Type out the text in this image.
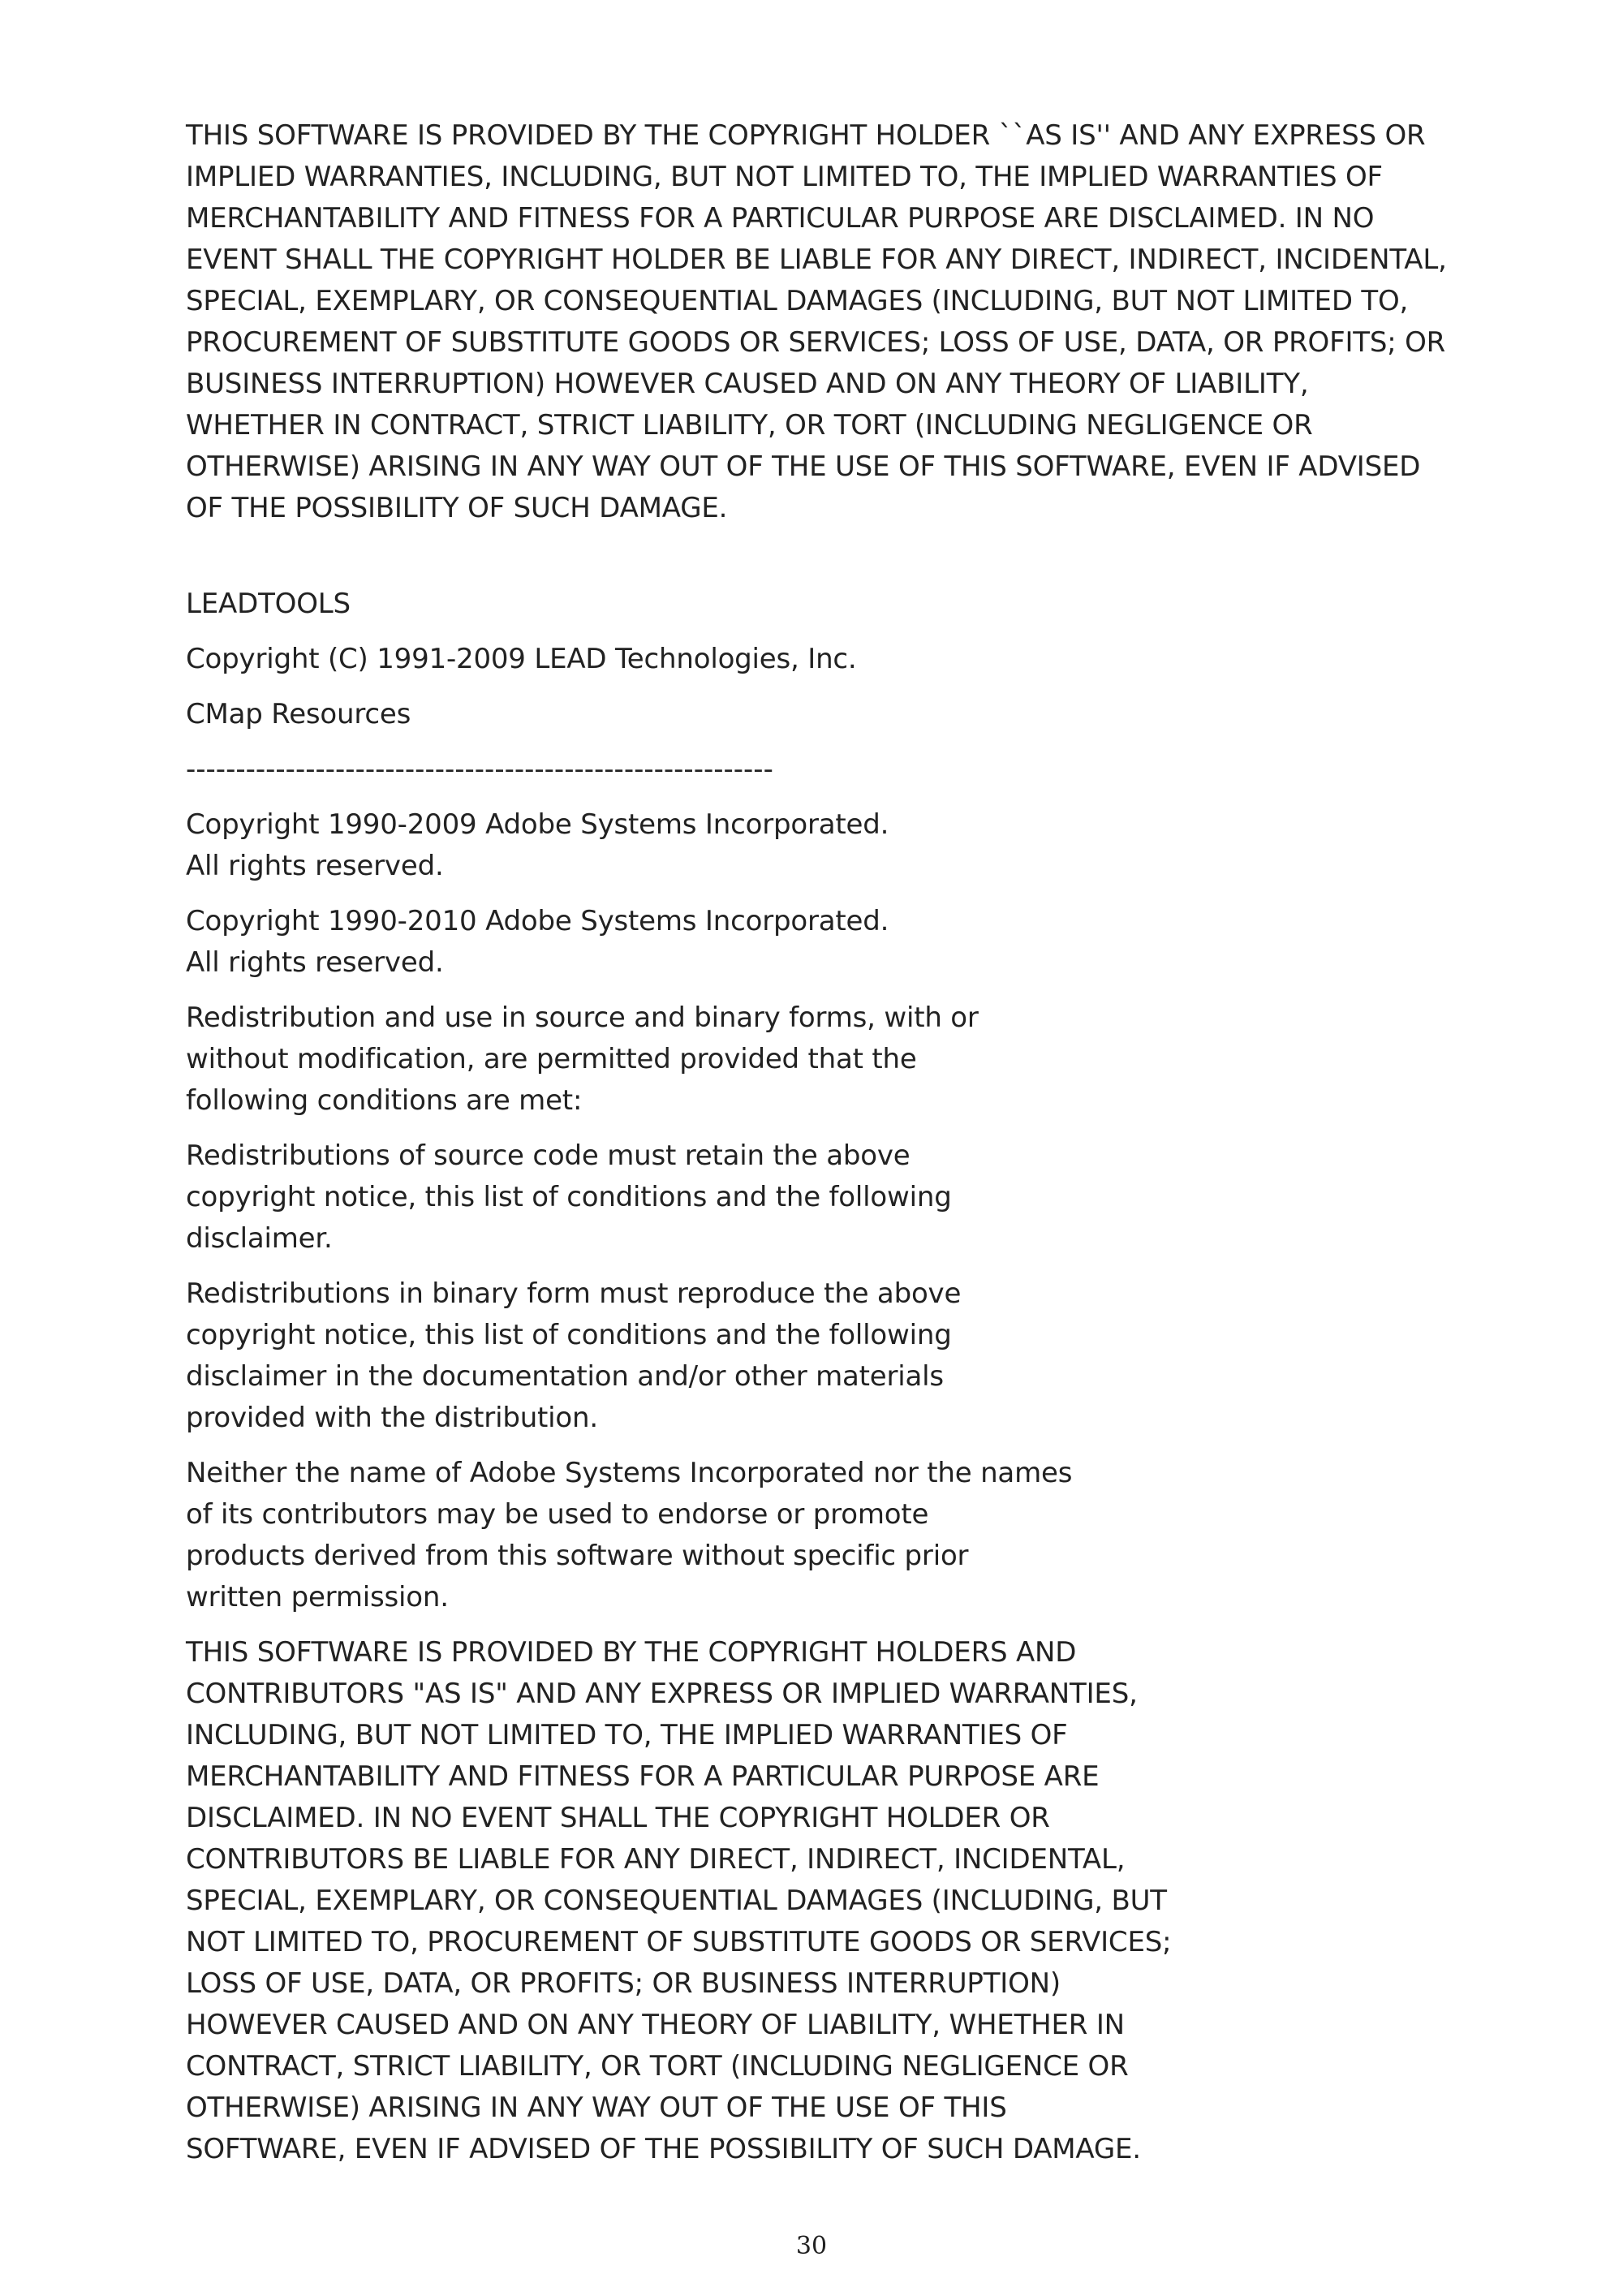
THIS SOFTWARE IS PROVIDED BY THE COPYRIGHT HOLDER ``AS IS'' AND ANY EXPRESS OR
IMPLIED WARRANTIES, INCLUDING, BUT NOT LIMITED TO, THE IMPLIED WARRANTIES OF
MERCHANTABILITY AND FITNESS FOR A PARTICULAR PURPOSE ARE DISCLAIMED. IN NO
EVENT SHALL THE COPYRIGHT HOLDER BE LIABLE FOR ANY DIRECT, INDIRECT, INCIDENTAL,
SPECIAL, EXEMPLARY, OR CONSEQUENTIAL DAMAGES (INCLUDING, BUT NOT LIMITED TO,
PROCUREMENT OF SUBSTITUTE GOODS OR SERVICES; LOSS OF USE, DATA, OR PROFITS; OR
BUSINESS INTERRUPTION) HOWEVER CAUSED AND ON ANY THEORY OF LIABILITY,
WHETHER IN CONTRACT, STRICT LIABILITY, OR TORT (INCLUDING NEGLIGENCE OR
OTHERWISE) ARISING IN ANY WAY OUT OF THE USE OF THIS SOFTWARE, EVEN IF ADVISED
OF THE POSSIBILITY OF SUCH DAMAGE.

LEADTOOLS

Copyright (C) 1991-2009 LEAD Technologies, Inc.

CMap Resources

-----------------------------------------------------------

Copyright 1990-2009 Adobe Systems Incorporated.
All rights reserved.

Copyright 1990-2010 Adobe Systems Incorporated.
All rights reserved.

Redistribution and use in source and binary forms, with or
without modification, are permitted provided that the
following conditions are met:

Redistributions of source code must retain the above
copyright notice, this list of conditions and the following
disclaimer.

Redistributions in binary form must reproduce the above
copyright notice, this list of conditions and the following
disclaimer in the documentation and/or other materials
provided with the distribution.

Neither the name of Adobe Systems Incorporated nor the names
of its contributors may be used to endorse or promote
products derived from this software without specific prior
written permission.

THIS SOFTWARE IS PROVIDED BY THE COPYRIGHT HOLDERS AND
CONTRIBUTORS "AS IS" AND ANY EXPRESS OR IMPLIED WARRANTIES,
INCLUDING, BUT NOT LIMITED TO, THE IMPLIED WARRANTIES OF
MERCHANTABILITY AND FITNESS FOR A PARTICULAR PURPOSE ARE
DISCLAIMED. IN NO EVENT SHALL THE COPYRIGHT HOLDER OR
CONTRIBUTORS BE LIABLE FOR ANY DIRECT, INDIRECT, INCIDENTAL,
SPECIAL, EXEMPLARY, OR CONSEQUENTIAL DAMAGES (INCLUDING, BUT
NOT LIMITED TO, PROCUREMENT OF SUBSTITUTE GOODS OR SERVICES;
LOSS OF USE, DATA, OR PROFITS; OR BUSINESS INTERRUPTION)
HOWEVER CAUSED AND ON ANY THEORY OF LIABILITY, WHETHER IN
CONTRACT, STRICT LIABILITY, OR TORT (INCLUDING NEGLIGENCE OR
OTHERWISE) ARISING IN ANY WAY OUT OF THE USE OF THIS
SOFTWARE, EVEN IF ADVISED OF THE POSSIBILITY OF SUCH DAMAGE.

30
